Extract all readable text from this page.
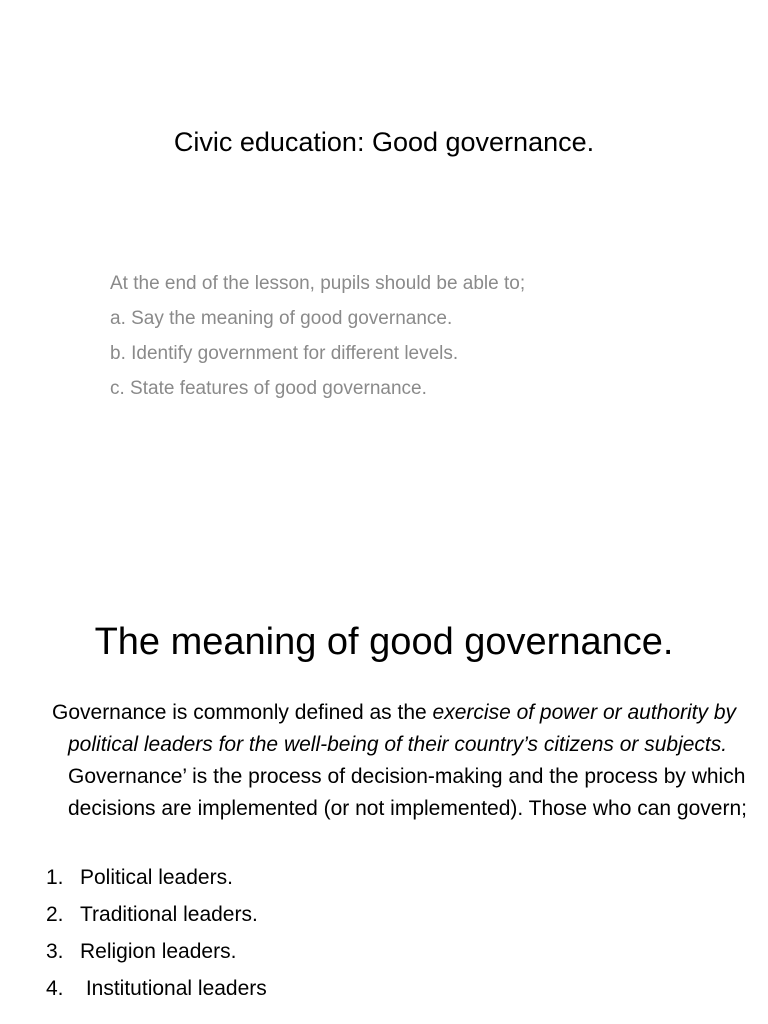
Civic education: Good governance.
At the end of the lesson, pupils should be able to;
a. Say the meaning of good governance.
b. Identify government for different levels.
c. State features of good governance.
The meaning of good governance.

Governance is commonly defined as the exercise of power or authority by political leaders for the well-being of their country’s citizens or subjects. Governance’ is the process of decision-making and the process by which decisions are implemented (or not implemented). Those who can govern;

1. Political leaders.
2. Traditional leaders.
3. Religion leaders.
4. Institutional leaders
